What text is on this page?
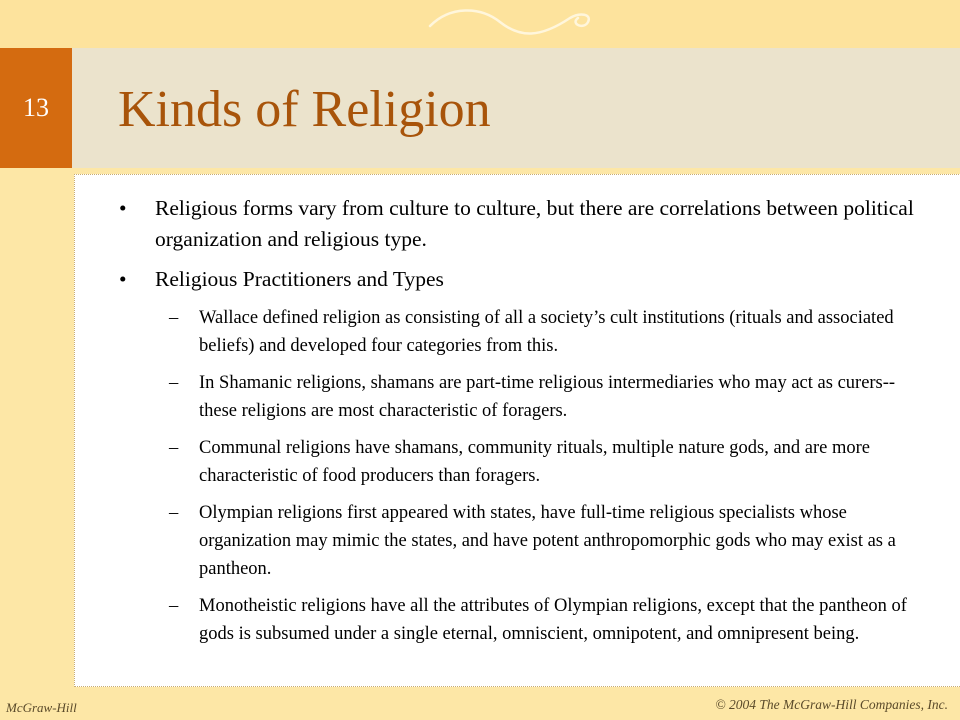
13	Kinds of Religion
• Religious forms vary from culture to culture, but there are correlations between political organization and religious type.
• Religious Practitioners and Types
– Wallace defined religion as consisting of all a society’s cult institutions (rituals and associated beliefs) and developed four categories from this.
– In Shamanic religions, shamans are part-time religious intermediaries who may act as curers--these religions are most characteristic of foragers.
– Communal religions have shamans, community rituals, multiple nature gods, and are more characteristic of food producers than foragers.
– Olympian religions first appeared with states, have full-time religious specialists whose organization may mimic the states, and have potent anthropomorphic gods who may exist as a pantheon.
– Monotheistic religions have all the attributes of Olympian religions, except that the pantheon of gods is subsumed under a single eternal, omniscient, omnipotent, and omnipresent being.
McGraw-Hill	© 2004 The McGraw-Hill Companies, Inc.
